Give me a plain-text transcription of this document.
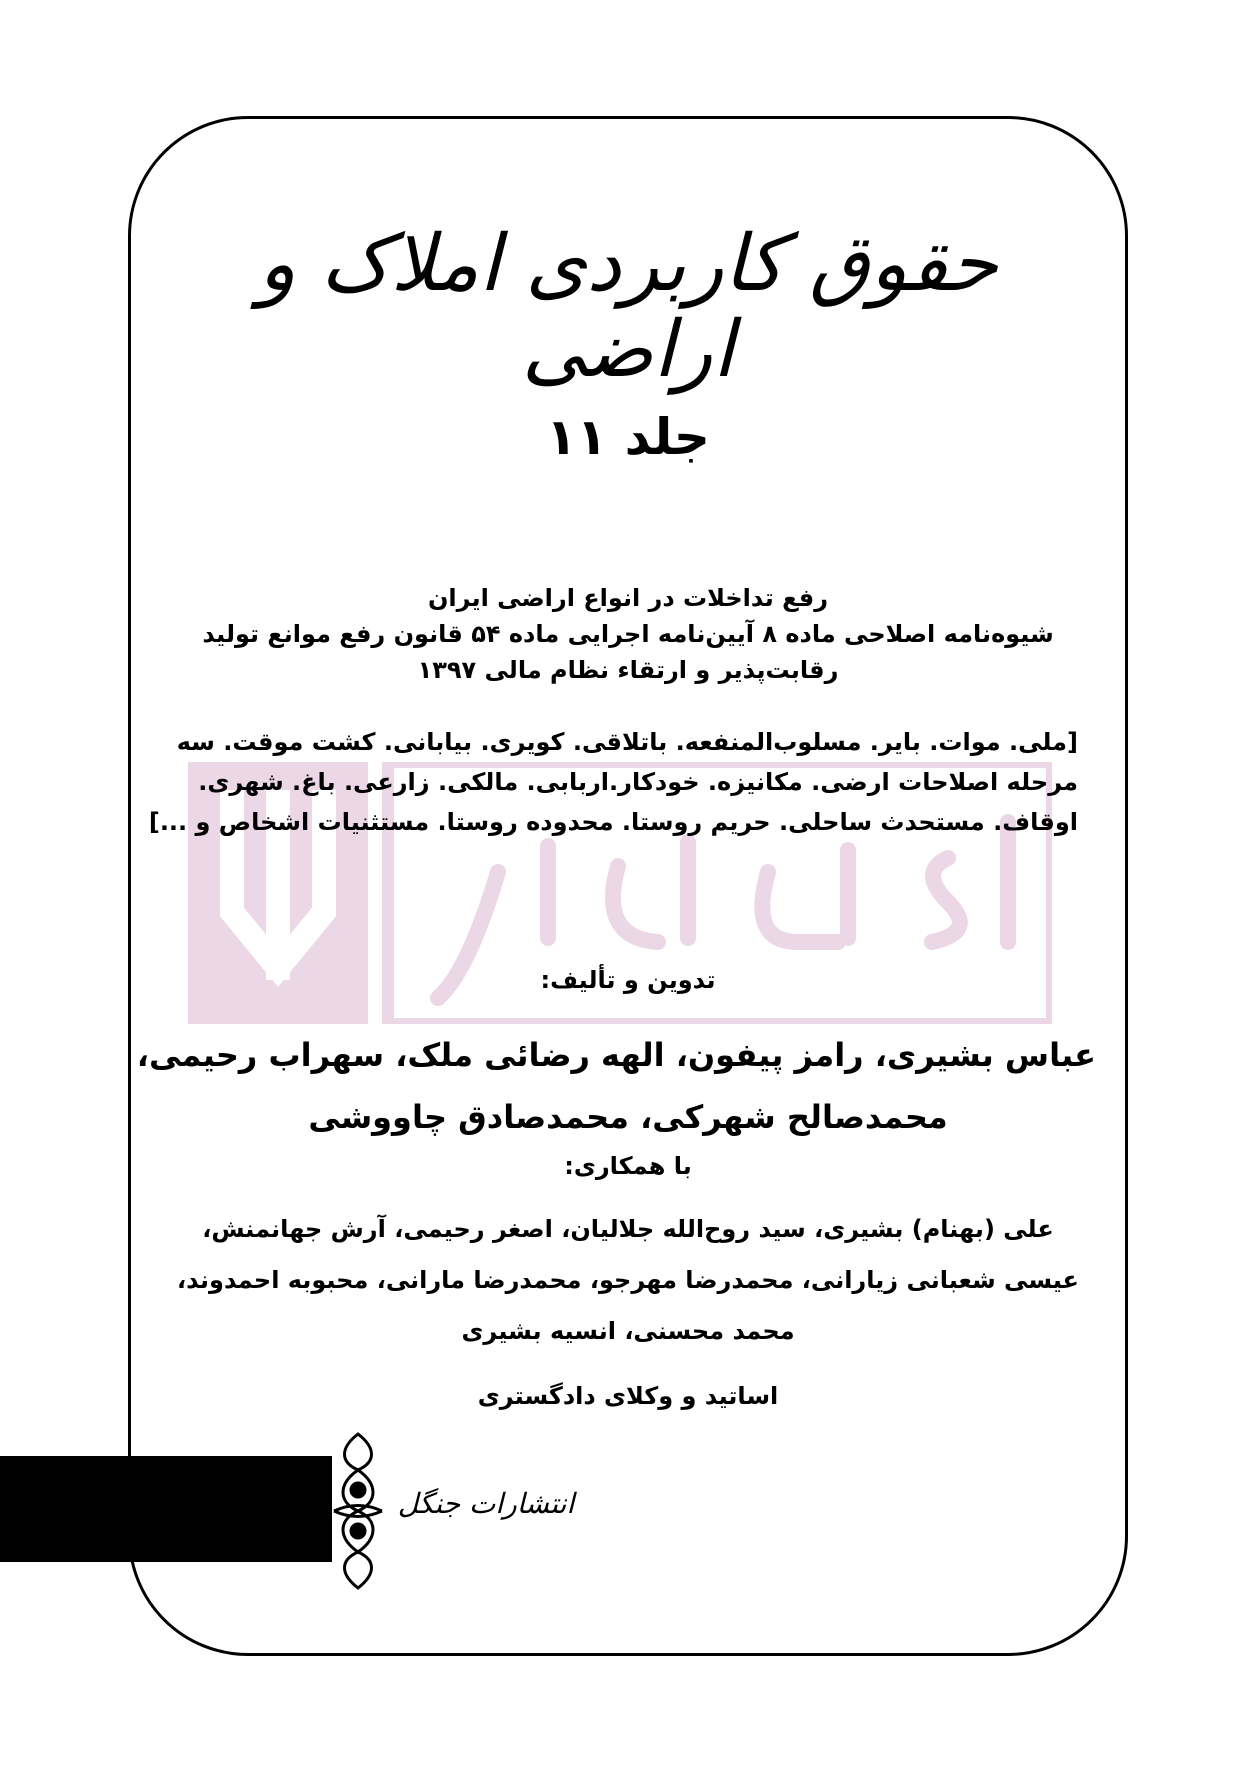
حقوق کاربردی املاک و اراضی
جلد ۱۱
رفع تداخلات در انواع اراضی ایران
شیوه‌نامه اصلاحی ماده ۸ آیین‌نامه اجرایی ماده ۵۴ قانون رفع موانع تولید
رقابت‌پذیر و ارتقاء نظام مالی ۱۳۹۷
[ملی. موات. بایر. مسلوب‌المنفعه. باتلاقی. کویری. بیابانی. کشت موقت. سه
مرحله اصلاحات ارضی. مکانیزه. خودکار.اربابی. مالکی. زارعی. باغ. شهری.
اوقاف. مستحدث ساحلی. حریم روستا. محدوده روستا. مستثنیات اشخاص و ...]
تدوین و تألیف:
عباس بشیری، رامز پیفون، الهه رضائی ملک، سهراب رحیمی،
محمدصالح شهرکی، محمدصادق چاووشی
با همکاری:
علی (بهنام) بشیری، سید روح‌الله جلالیان، اصغر رحیمی، آرش جهانمنش،
عیسی شعبانی زیارانی، محمدرضا مهرجو، محمدرضا مارانی، محبوبه احمدوند،
محمد محسنی، انسیه بشیری
اساتید و وکلای دادگستری
انتشارات جنگل
